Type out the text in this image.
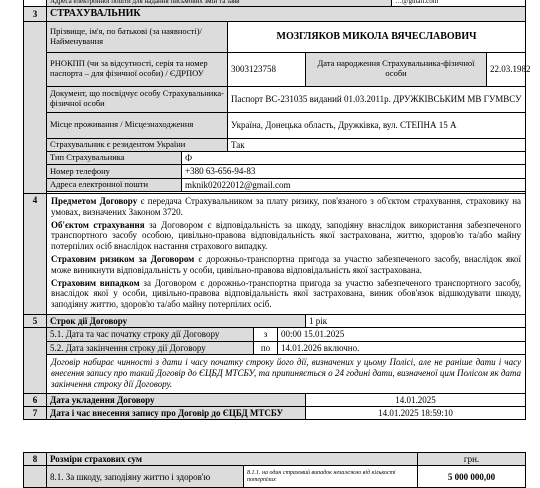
	Адреса електронної пошти для надання письмових змін та заяв						…@gmail.com	
3	СТРАХУВАЛЬНИК							
	Прізвище, ім'я, по батькові (за наявності)/ Найменування		МОЗГЛЯКОВ МИКОЛА ВЯЧЕСЛАВОВИЧ					
	РНОКПП (чи за відсутності, серія та номер паспорта – для фізичної особи) / ЄДРПОУ		3003123758			Дата народження Страхувальника-фізичної особи		22.03.1982
	Документ, що посвідчує особу Страхувальника-фізичної особи		Паспорт ВС-231035 виданий 01.03.2011р. ДРУЖКІВСЬКИМ МВ ГУМВСУ					
	Місце проживання / Місцезнаходження		Україна, Донецька область, Дружківка, вул. СТЕПНА 15 А					
	Страхувальник є резидентом України		Так					
	Тип Страхувальника	Ф						
	Номер телефону	+380 63-656-94-83						
	Адреса електронної пошти	mknik02022012@gmail.com						

4	Предметом Договору є передача Страхувальником за плату ризику, пов'язаного з об'єктом страхування, страховику на умовах, визначених Законом 3720.

Об'єктом страхування за Договором є відповідальність за шкоду, заподіяну внаслідок використання забезпеченого транспортного засобу особою, цивільно-правова відповідальність якої застрахована, життю, здоров'ю та/або майну потерпілих осіб внаслідок настання страхового випадку.

Страховим ризиком за Договором є дорожньо-транспортна пригода за участю забезпеченого засобу, внаслідок якої може виникнути відповідальність у особи, цивільно-правова відповідальність якої застрахована.

Страховим випадком за Договором є дорожньо-транспортна пригода за участю забезпеченого транспортного засобу, внаслідок якої у особи, цивільно-правова відповідальність якої застрахована, виник обов'язок відшкодувати шкоду, заподіяну життю, здоров'ю та/або майну потерпілих осіб.							

5	Строк дії Договору					1 рік		
	5.1. Дата та час початку строку дії Договору			з	00:00 15.01.2025			
	5.2. Дата закінчення строку дії Договору			по	14.01.2026 включно.			
	Договір набирає чинності з дати і часу початку строку його дії, визначених у цьому Полісі, але не раніше дати і часу внесення запису про такий Договір до ЄЦБД МТСБУ, та припиняється о 24 годині дати, визначеної цим Полісом як дата закінчення строку дії Договору.							
6	Дата укладення Договору					14.01.2025		
7	Дата і час внесення запису про Договір до ЄЦБД МТСБУ					14.01.2025 18:59:10		
8	Розміри страхових сум		грн.
	8.1. За шкоду, заподіяну життю і здоров'ю	8.1.1. на один страховий випадок незалежно від кількості потерпілих	5 000 000,00
